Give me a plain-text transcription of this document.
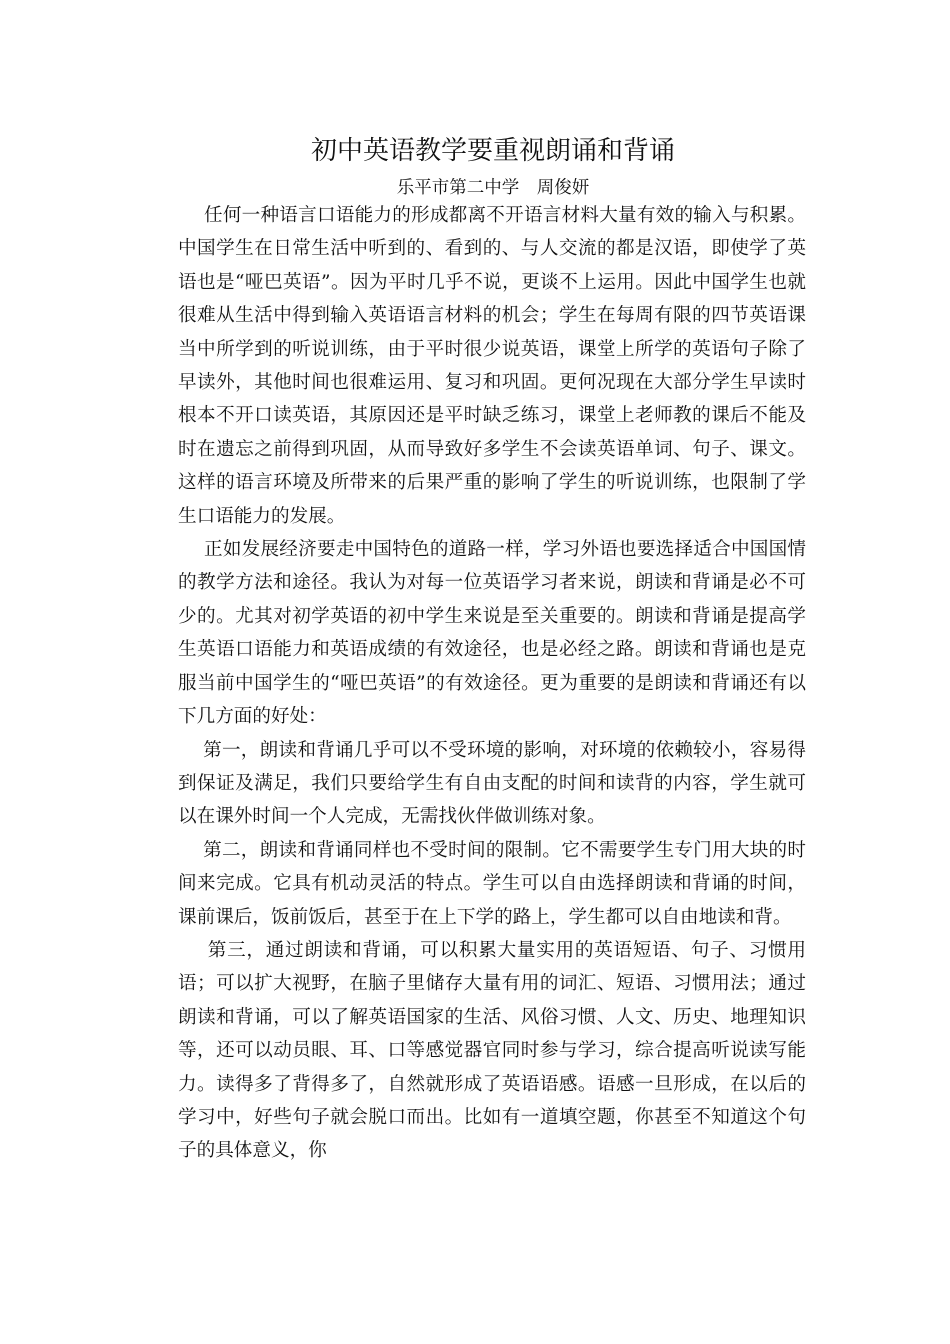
初中英语教学要重视朗诵和背诵
乐平市第二中学　周俊妍

任何一种语言口语能力的形成都离不开语言材料大量有效的输入与积累。中国学生在日常生活中听到的、看到的、与人交流的都是汉语，即使学了英语也是“哑巴英语”。因为平时几乎不说，更谈不上运用。因此中国学生也就很难从生活中得到输入英语语言材料的机会；学生在每周有限的四节英语课当中所学到的听说训练，由于平时很少说英语，课堂上所学的英语句子除了早读外，其他时间也很难运用、复习和巩固。更何况现在大部分学生早读时根本不开口读英语，其原因还是平时缺乏练习，课堂上老师教的课后不能及时在遗忘之前得到巩固，从而导致好多学生不会读英语单词、句子、课文。这样的语言环境及所带来的后果严重的影响了学生的听说训练，也限制了学生口语能力的发展。

正如发展经济要走中国特色的道路一样，学习外语也要选择适合中国国情的教学方法和途径。我认为对每一位英语学习者来说，朗读和背诵是必不可少的。尤其对初学英语的初中学生来说是至关重要的。朗读和背诵是提高学生英语口语能力和英语成绩的有效途径，也是必经之路。朗读和背诵也是克服当前中国学生的“哑巴英语”的有效途径。更为重要的是朗读和背诵还有以下几方面的好处：

第一，朗读和背诵几乎可以不受环境的影响，对环境的依赖较小，容易得到保证及满足，我们只要给学生有自由支配的时间和读背的内容，学生就可以在课外时间一个人完成，无需找伙伴做训练对象。

第二，朗读和背诵同样也不受时间的限制。它不需要学生专门用大块的时间来完成。它具有机动灵活的特点。学生可以自由选择朗读和背诵的时间，课前课后，饭前饭后，甚至于在上下学的路上，学生都可以自由地读和背。

第三，通过朗读和背诵，可以积累大量实用的英语短语、句子、习惯用语；可以扩大视野，在脑子里储存大量有用的词汇、短语、习惯用法；通过朗读和背诵，可以了解英语国家的生活、风俗习惯、人文、历史、地理知识等，还可以动员眼、耳、口等感觉器官同时参与学习，综合提高听说读写能力。读得多了背得多了，自然就形成了英语语感。语感一旦形成，在以后的学习中，好些句子就会脱口而出。比如有一道填空题，你甚至不知道这个句子的具体意义，你
